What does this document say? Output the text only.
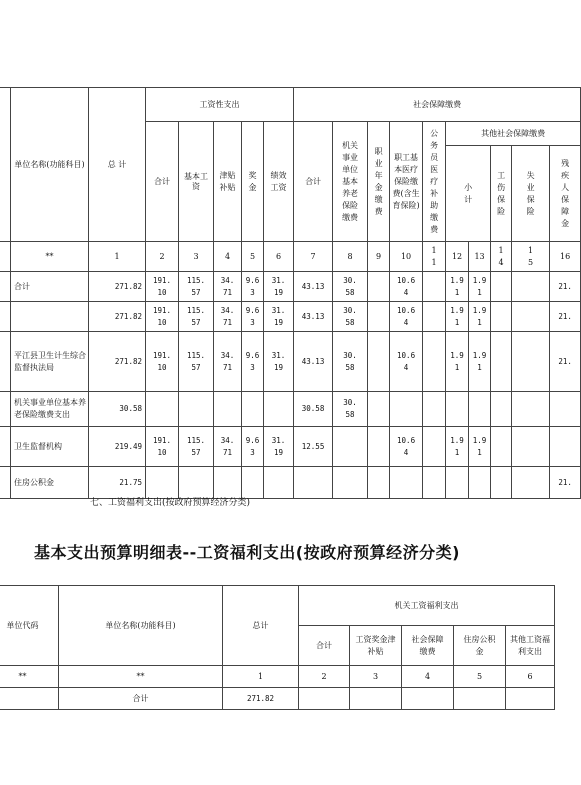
	单位名称(功能科目)	总 计	工资性支出					社会保障缴费										
			合计	基本工资	津贴补贴	奖金	绩效工资	合计	机关事业单位基本养老保险缴费	职业年金缴费	职工基本医疗保险缴费(含生育保险)	公务员医疗补助缴费	其他社会保障缴费	

													小计		工伤保险	失业保险	残疾人保障金	

	**	1	2	3	4	5	6	7	8	9	10	11	12	13	14	15	16	
	合计	271.82	191.10	115.57	34.71	9.63	31.19	43.13	30.58		10.64		1.91	1.91			21.	

		271.82	191.10	115.57	34.71	9.63	31.19	43.13	30.58		10.64		1.91	1.91			21.	

	平江县卫生计生综合监督执法局	271.82	191.10	115.57	34.71	9.63	31.19	43.13	30.58		10.64		1.91	1.91			21.	

	机关事业单位基本养老保险缴费支出	30.58						30.58	30.58									

	卫生监督机构	219.49	191.10	115.57	34.71	9.63	31.19	12.55			10.64		1.91	1.91				

	住房公积金	21.75															21.	
七、工资福利支出(按政府预算经济分类)
基本支出预算明细表--工资福利支出(按政府预算经济分类)
单位代码	单位名称(功能科目)	总计	机关工资福利支出				
			合计	工资奖金津补贴	社会保障缴费	住房公积金	其他工资福利支出

**	**	1	2	3	4	5	6
	合计	271.82					
